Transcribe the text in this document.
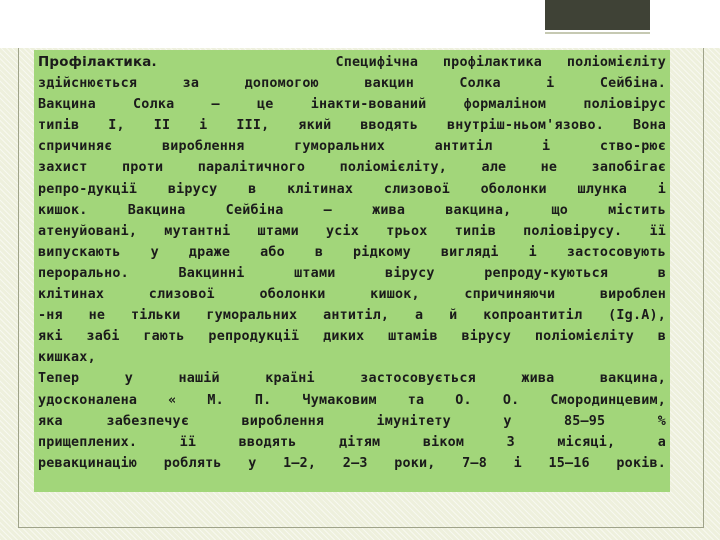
Профілактика.	Специфічна   профілактика   поліомієліту
здійснюється за допомогою вакцин Солка і Сейбіна.
Вакцина Солка — це інакти-вований формаліном поліовірус
типів I, II і III, який вводять внутріш-ньом'язово. Вона
спричиняє вироблення гуморальних антитіл і ство-рює
захист проти паралітичного поліомієліту, але не запобігає
репро-дукції вірусу в клітинах слизової оболонки шлунка і
кишок. Вакцина Сейбіна — жива вакцина, що містить
атенуйовані, мутантні штами усіх трьох типів поліовірусу. її
випускають у драже або в рідкому вигляді і застосовують
перорально. Вакцинні штами вірусу репроду-куються в
клітинах слизової оболонки кишок, спричиняючи вироблен
-ня не тільки гуморальних антитіл, а й копроантитіл (Ig.A),
які забі гають репродукції диких штамів вірусу поліомієліту в
кишках,
Тепер у нашій країні застосовується жива вакцина,
удосконалена « М. П. Чумаковим та О. О. Смородинцевим,
яка     забезпечує      вироблення      імунітету      у      85—95      %
прищеплених. її вводять дітям віком 3 місяці, а
ревакцинацію роблять у 1—2, 2—3 роки, 7—8 і 15—16 років.
